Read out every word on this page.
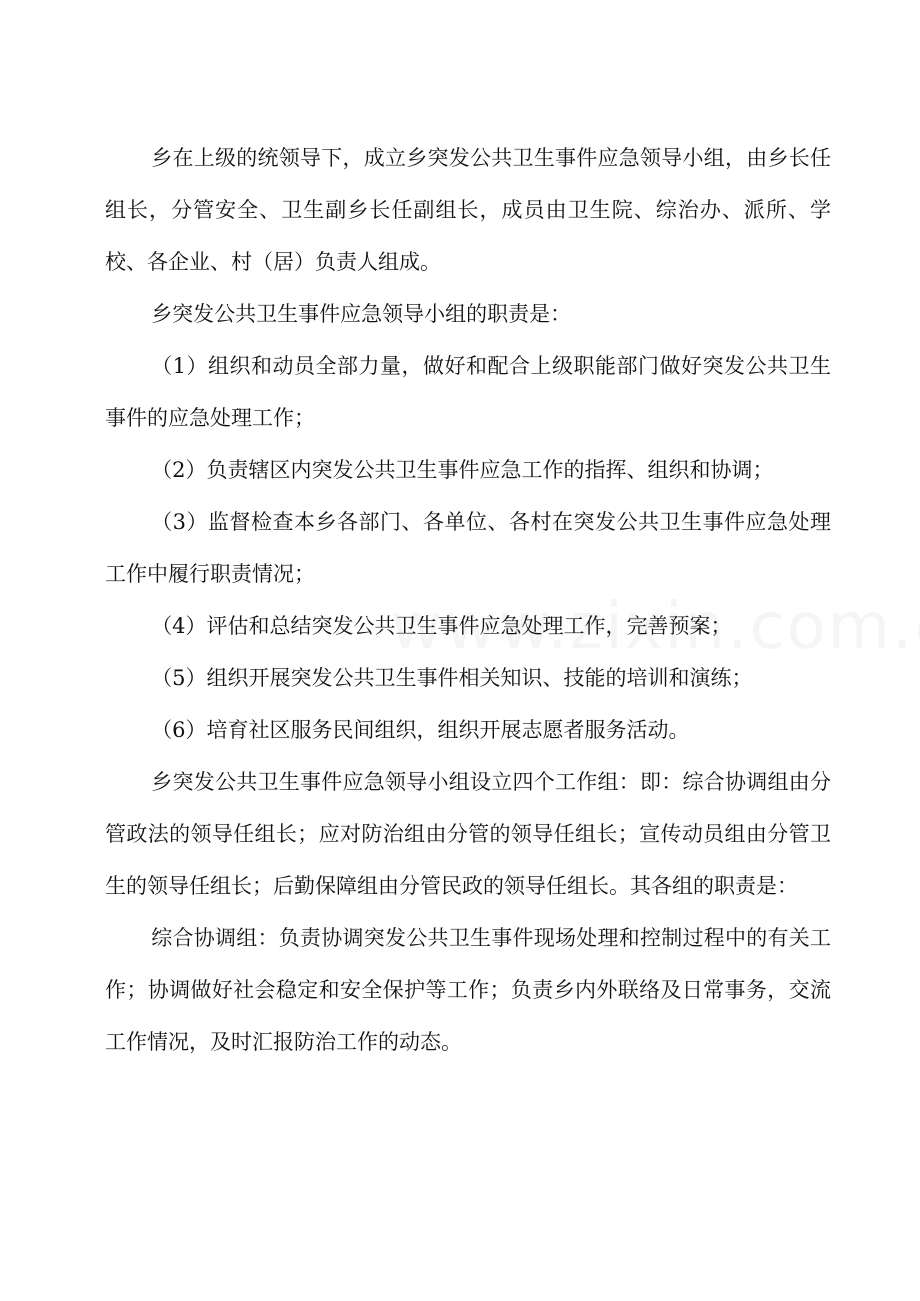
乡在上级的统领导下，成立乡突发公共卫生事件应急领导小组，由乡长任组长，分管安全、卫生副乡长任副组长，成员由卫生院、综治办、派所、学校、各企业、村（居）负责人组成。

乡突发公共卫生事件应急领导小组的职责是：

（1）组织和动员全部力量，做好和配合上级职能部门做好突发公共卫生事件的应急处理工作；

（2）负责辖区内突发公共卫生事件应急工作的指挥、组织和协调；

（3）监督检查本乡各部门、各单位、各村在突发公共卫生事件应急处理工作中履行职责情况；

（4）评估和总结突发公共卫生事件应急处理工作，完善预案；

（5）组织开展突发公共卫生事件相关知识、技能的培训和演练；

（6）培育社区服务民间组织，组织开展志愿者服务活动。

乡突发公共卫生事件应急领导小组设立四个工作组：即：综合协调组由分管政法的领导任组长；应对防治组由分管的领导任组长；宣传动员组由分管卫生的领导任组长；后勤保障组由分管民政的领导任组长。其各组的职责是：

综合协调组：负责协调突发公共卫生事件现场处理和控制过程中的有关工作；协调做好社会稳定和安全保护等工作；负责乡内外联络及日常事务，交流工作情况，及时汇报防治工作的动态。
